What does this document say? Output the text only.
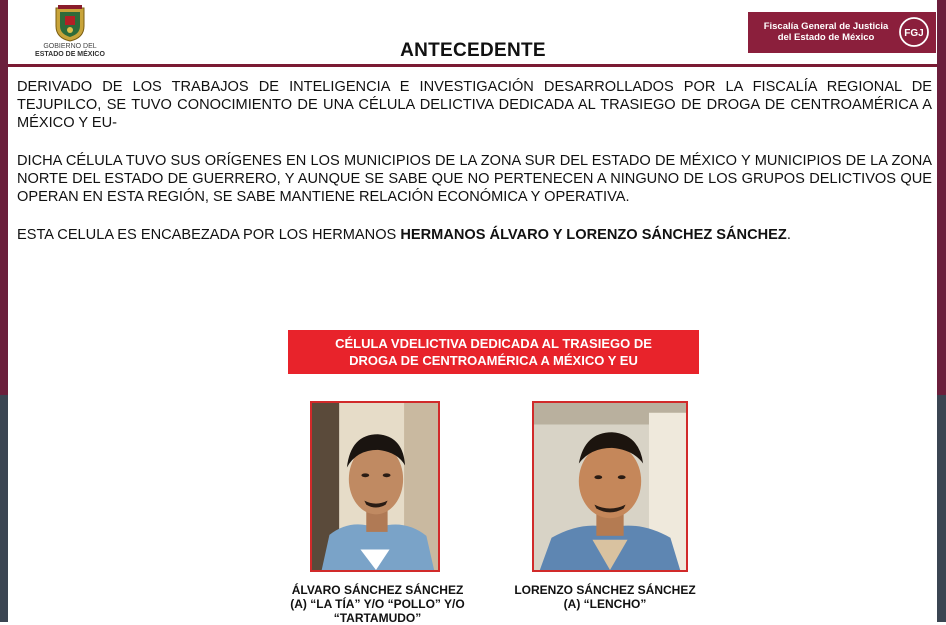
GOBIERNO DEL
ESTADO DE MÉXICO	ANTECEDENTE
Fiscalía General de Justicia
del Estado de México	FGJ
DERIVADO DE LOS TRABAJOS DE INTELIGENCIA E INVESTIGACIÓN DESARROLLADOS POR LA FISCALÍA REGIONAL DE TEJUPILCO, SE TUVO CONOCIMIENTO DE UNA CÉLULA DELICTIVA DEDICADA AL TRASIEGO DE DROGA DE CENTROAMÉRICA A MÉXICO Y EU-
DICHA CÉLULA TUVO SUS ORÍGENES EN LOS MUNICIPIOS DE LA ZONA SUR DEL ESTADO DE MÉXICO Y MUNICIPIOS DE LA ZONA NORTE DEL ESTADO DE GUERRERO, Y AUNQUE SE SABE QUE NO PERTENECEN A NINGUNO DE LOS GRUPOS DELICTIVOS QUE OPERAN EN ESTA REGIÓN, SE SABE MANTIENE RELACIÓN ECONÓMICA Y OPERATIVA.
ESTA CELULA ES ENCABEZADA POR LOS HERMANOS HERMANOS ÁLVARO Y LORENZO SÁNCHEZ SÁNCHEZ.
CÉLULA VDELICTIVA DEDICADA AL TRASIEGO DE
DROGA DE CENTROAMÉRICA A MÉXICO Y EU
ÁLVARO SÁNCHEZ SÁNCHEZ
(A) “LA TÍA” Y/O “POLLO” Y/O
“TARTAMUDO”
LORENZO SÁNCHEZ SÁNCHEZ
(A) “LENCHO”
